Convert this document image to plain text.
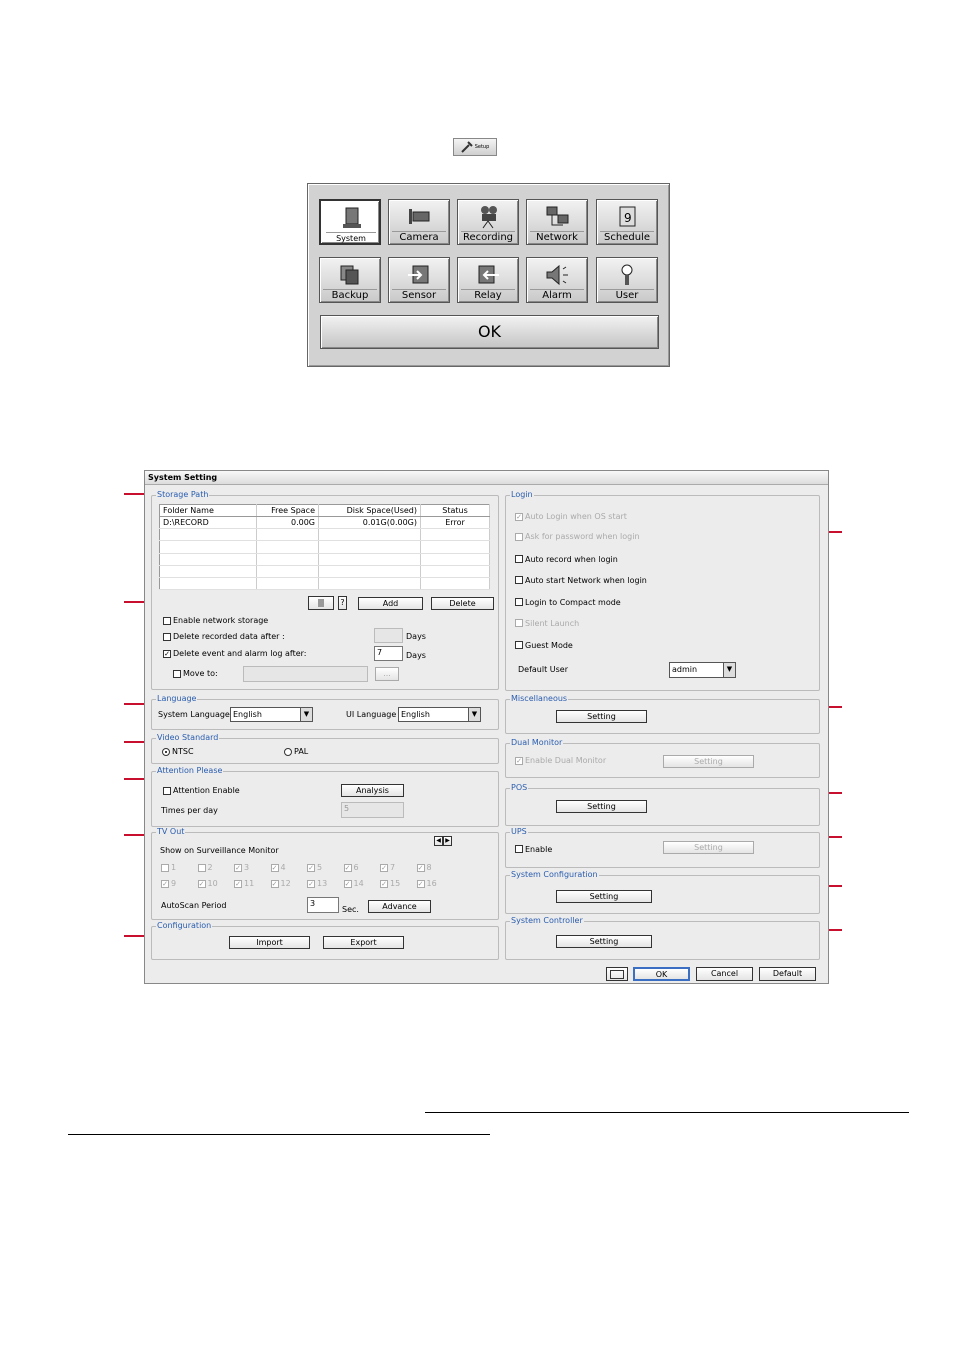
Setup
System	Camera	Recording	Network
9
Schedule
Backup	Sensor	Relay	Alarm	User
OK
System Setting
Storage Path
Folder Name	Free Space	Disk Space(Used)	Status
D:\RECORD	0.00G	0.01G(0.00G)	Error

?	Add	Delete
Enable network storage
Delete recorded data after :	Days
✓ Delete event and alarm log after:	7	Days
Move to:	...
Language
System Language English	▼	UI Language English	▼
Video Standard
NTSC	PAL
Attention Please
Attention Enable	Analysis
Times per day	5
TV Out
◀ ▶
Show on Surveillance Monitor
1	2	✓ 3	✓ 4	✓ 5	✓ 6	✓ 7	✓ 8
✓ 9	✓ 10 ✓ 11 ✓ 12 ✓ 13 ✓ 14 ✓ 15 ✓ 16
AutoScan Period	3
Sec.	Advance
Configuration
Import	Export
Login
✓ Auto Login when OS start
Ask for password when login
Auto record when login
Auto start Network when login
Login to Compact mode
Silent Launch
Guest Mode
Default User	admin	▼
Miscellaneous
Setting
Dual Monitor
✓ Enable Dual Monitor	Setting
POS
Setting
UPS
Enable	Setting
System Configuration
Setting
System Controller
Setting
OK	Cancel	Default
